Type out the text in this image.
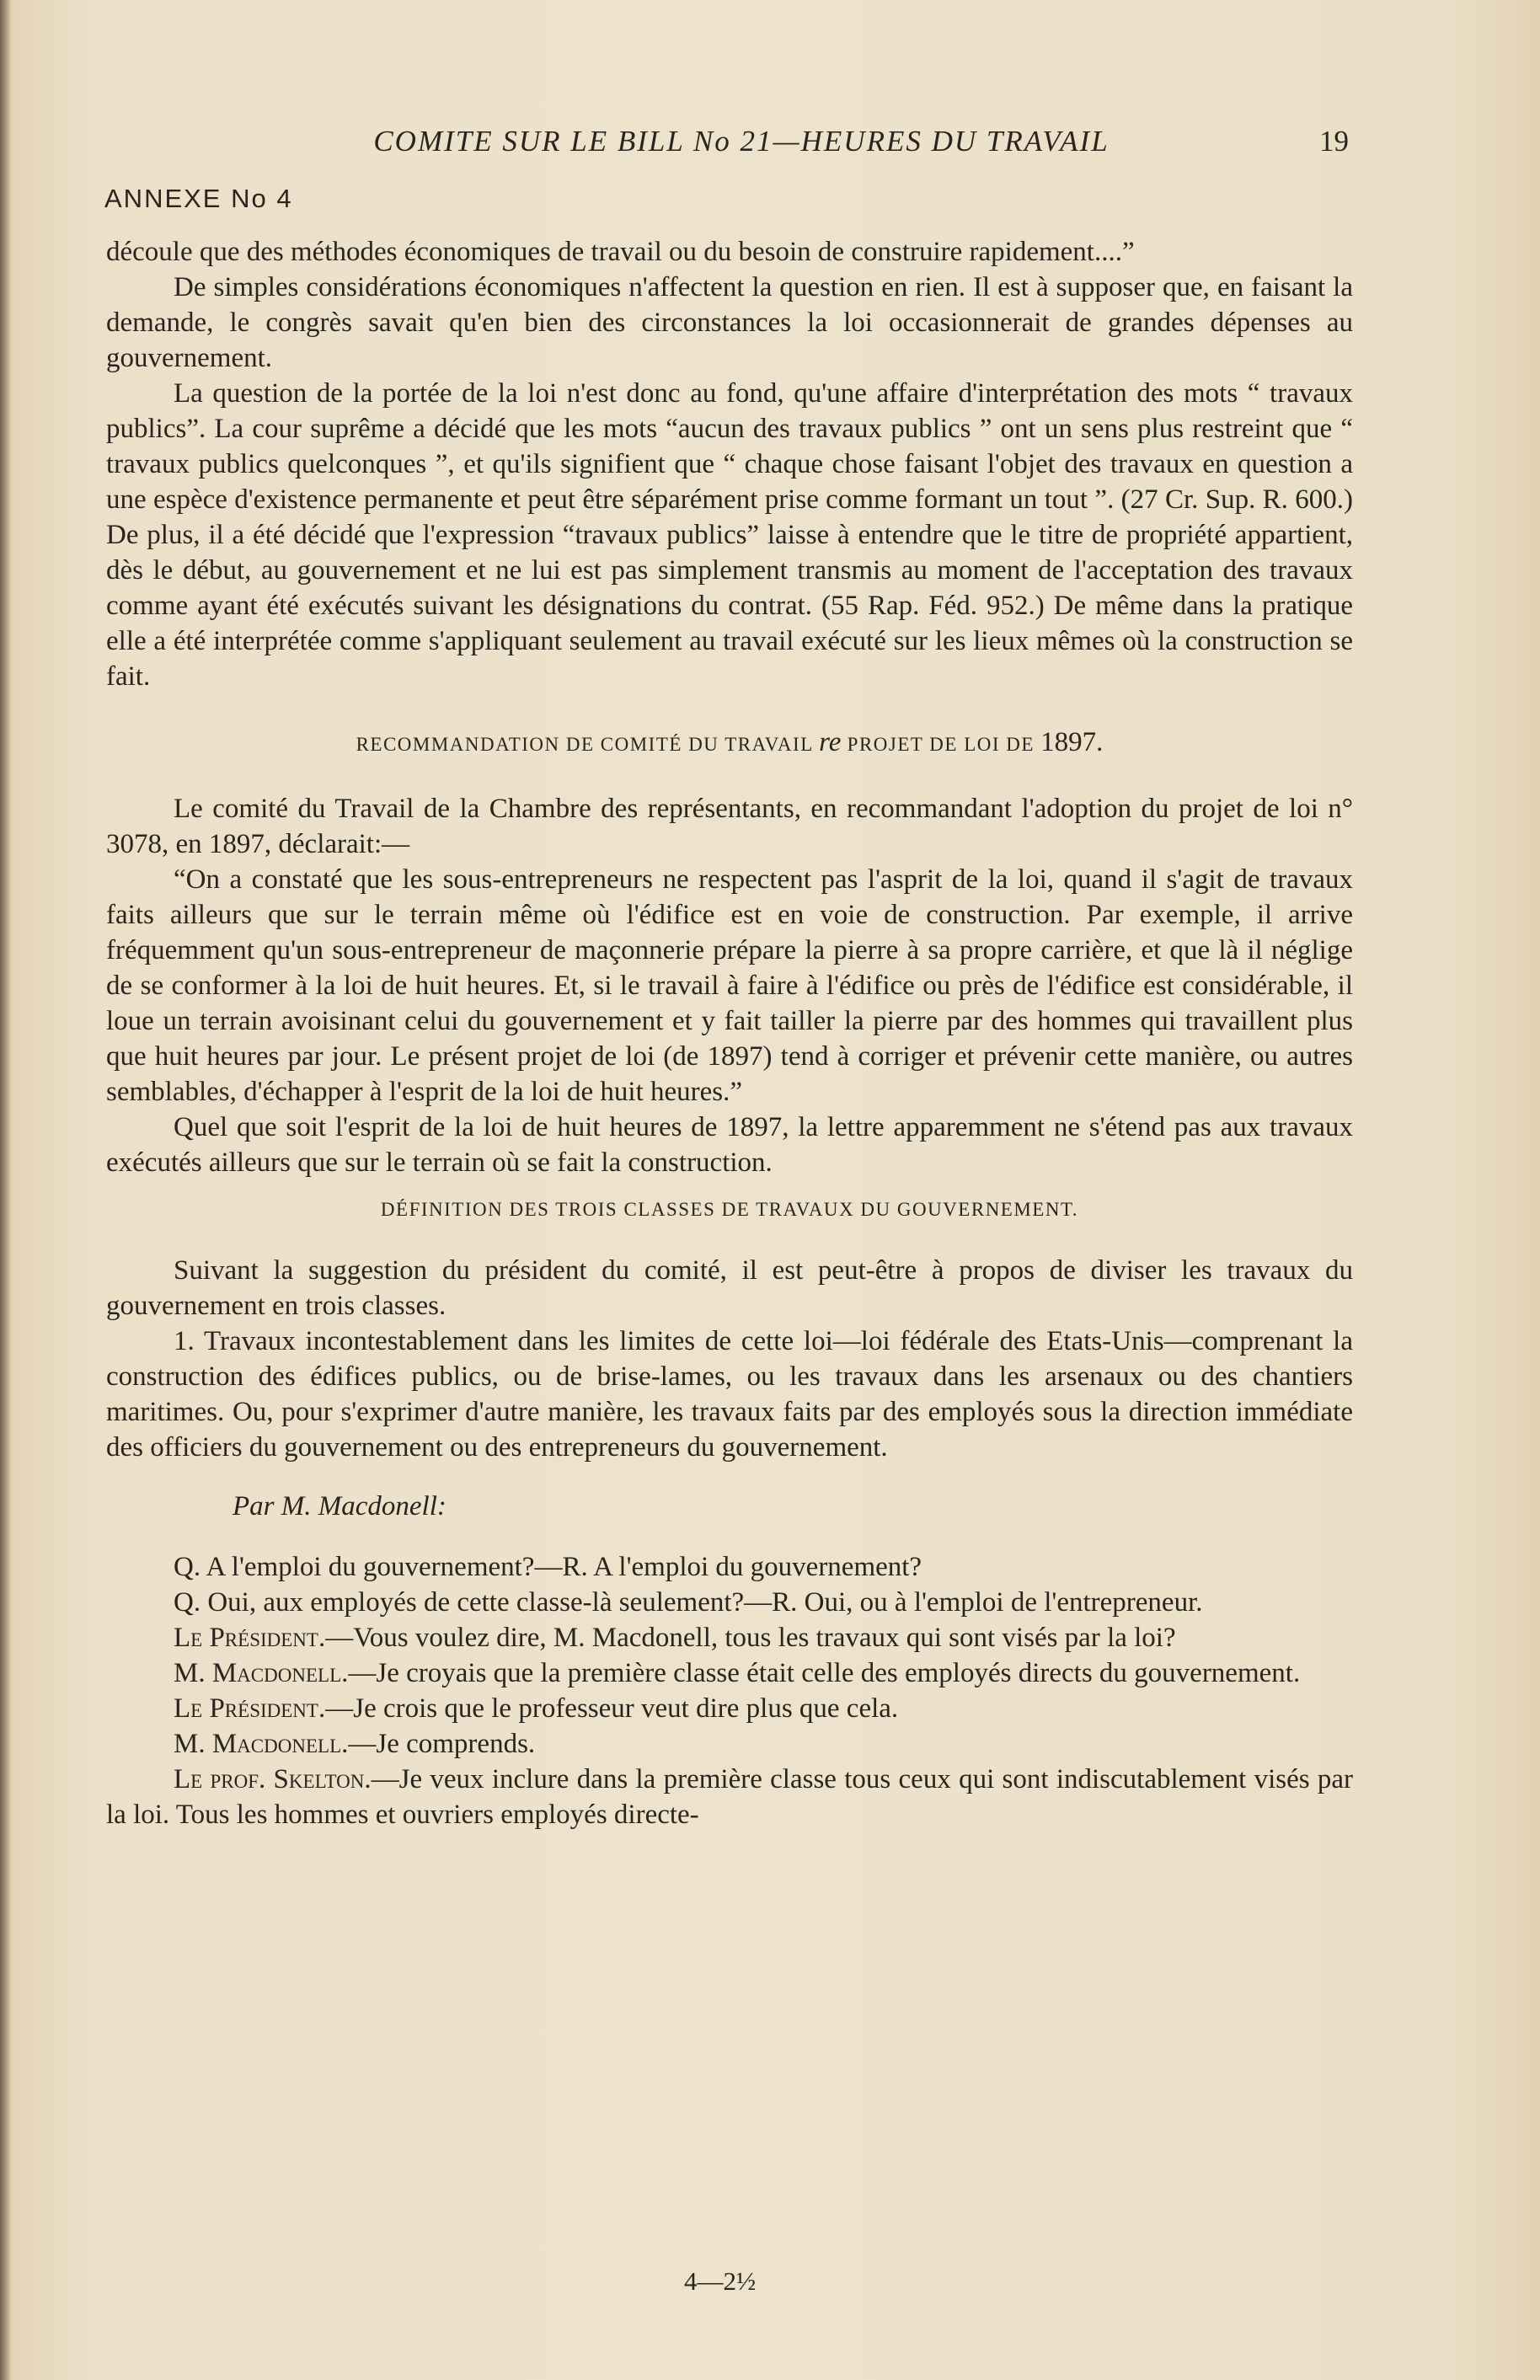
COMITE SUR LE BILL No 21—HEURES DU TRAVAIL	19
ANNEXE No 4

découle que des méthodes économiques de travail ou du besoin de construire rapidement....”

De simples considérations économiques n'affectent la question en rien. Il est à supposer que, en faisant la demande, le congrès savait qu'en bien des circonstances la loi occasionnerait de grandes dépenses au gouvernement.

La question de la portée de la loi n'est donc au fond, qu'une affaire d'interprétation des mots “ travaux publics”. La cour suprême a décidé que les mots “aucun des travaux publics ” ont un sens plus restreint que “ travaux publics quelconques ”, et qu'ils signifient que “ chaque chose faisant l'objet des travaux en question a une espèce d'existence permanente et peut être séparément prise comme formant un tout ”. (27 Cr. Sup. R. 600.) De plus, il a été décidé que l'expression “travaux publics” laisse à entendre que le titre de propriété appartient, dès le début, au gouvernement et ne lui est pas simplement transmis au moment de l'acceptation des travaux comme ayant été exécutés suivant les désignations du contrat. (55 Rap. Féd. 952.) De même dans la pratique elle a été interprétée comme s'appliquant seulement au travail exécuté sur les lieux mêmes où la construction se fait.

RECOMMANDATION DE COMITÉ DU TRAVAIL re PROJET DE LOI DE 1897.

Le comité du Travail de la Chambre des représentants, en recommandant l'adoption du projet de loi n° 3078, en 1897, déclarait:—

“On a constaté que les sous-entrepreneurs ne respectent pas l'asprit de la loi, quand il s'agit de travaux faits ailleurs que sur le terrain même où l'édifice est en voie de construction. Par exemple, il arrive fréquemment qu'un sous-entrepreneur de maçonnerie prépare la pierre à sa propre carrière, et que là il néglige de se conformer à la loi de huit heures. Et, si le travail à faire à l'édifice ou près de l'édifice est considérable, il loue un terrain avoisinant celui du gouvernement et y fait tailler la pierre par des hommes qui travaillent plus que huit heures par jour. Le présent projet de loi (de 1897) tend à corriger et prévenir cette manière, ou autres semblables, d'échapper à l'esprit de la loi de huit heures.”

Quel que soit l'esprit de la loi de huit heures de 1897, la lettre apparemment ne s'étend pas aux travaux exécutés ailleurs que sur le terrain où se fait la construction.

DÉFINITION DES TROIS CLASSES DE TRAVAUX DU GOUVERNEMENT.

Suivant la suggestion du président du comité, il est peut-être à propos de diviser les travaux du gouvernement en trois classes.

1. Travaux incontestablement dans les limites de cette loi—loi fédérale des Etats-Unis—comprenant la construction des édifices publics, ou de brise-lames, ou les travaux dans les arsenaux ou des chantiers maritimes. Ou, pour s'exprimer d'autre manière, les travaux faits par des employés sous la direction immédiate des officiers du gouvernement ou des entrepreneurs du gouvernement.

Par M. Macdonell:

Q. A l'emploi du gouvernement?—R. A l'emploi du gouvernement?

Q. Oui, aux employés de cette classe-là seulement?—R. Oui, ou à l'emploi de l'entrepreneur.

Le Président.—Vous voulez dire, M. Macdonell, tous les travaux qui sont visés par la loi?

M. Macdonell.—Je croyais que la première classe était celle des employés directs du gouvernement.

Le Président.—Je crois que le professeur veut dire plus que cela.

M. Macdonell.—Je comprends.

Le prof. Skelton.—Je veux inclure dans la première classe tous ceux qui sont indiscutablement visés par la loi. Tous les hommes et ouvriers employés directe-

4—2½
